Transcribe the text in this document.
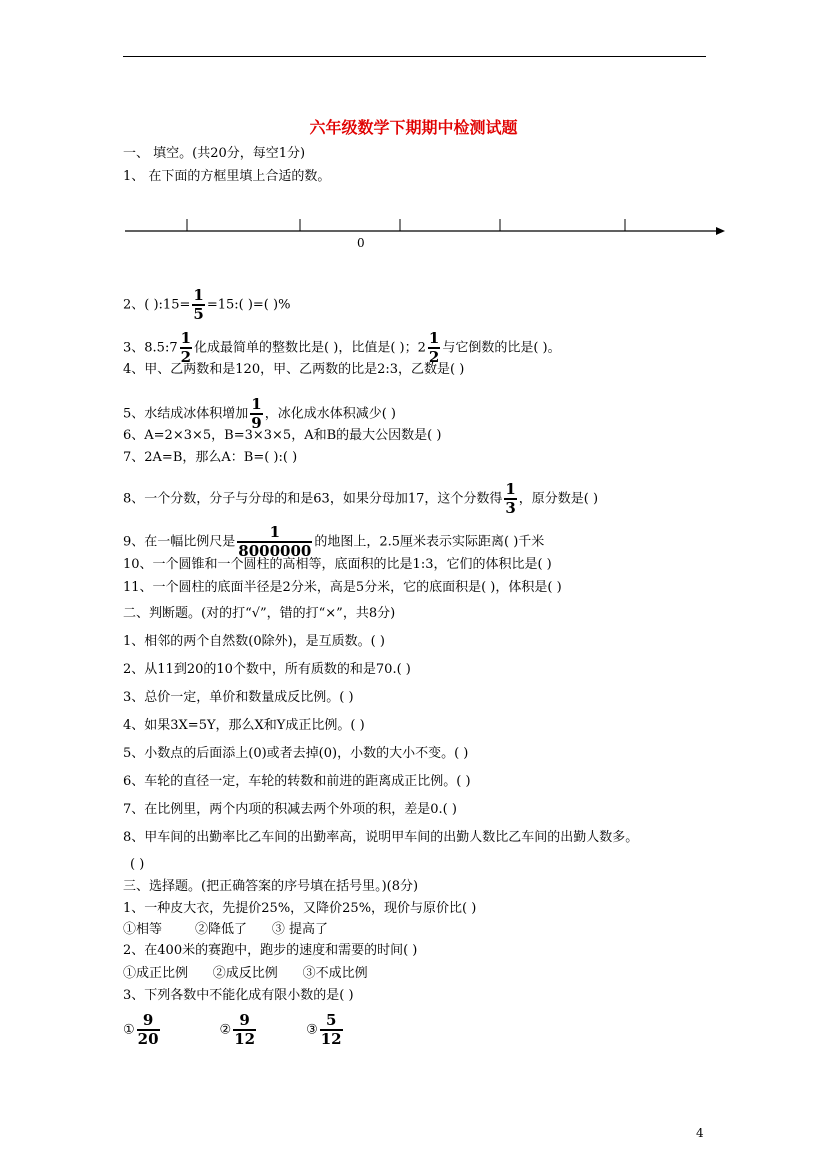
六年级数学下期期中检测试题
一、 填空。(共20分，每空1分)
1、 在下面的方框里填上合适的数。
0
2、( ):15= $\frac{1}{5}$ =15:( )=( )%
3、8.5:7 $\frac{1}{2}$ 化成最简单的整数比是( )，比值是( )；$2 \frac{1}{2}$ 与它倒数的比是( )。
4、甲、乙两数和是120，甲、乙两数的比是2:3，乙数是( )
5、水结成冰体积增加 $\frac{1}{9}$ ，冰化成水体积减少( )
6、A=2×3×5，B=3×3×5，A和B的最大公因数是( )
7、2A=B，那么A：B=( ):( )
8、一个分数，分子与分母的和是63，如果分母加17，这个分数得 $\frac{1}{3}$ ，原分数是( )
9、在一幅比例尺是 $\frac{1}{8000000}$ 的地图上，2.5厘米表示实际距离( )千米
10、一个圆锥和一个圆柱的高相等，底面积的比是1:3，它们的体积比是( )
11、一个圆柱的底面半径是2分米，高是5分米，它的底面积是( )，体积是( )
二、判断题。(对的打“√”，错的打“×”，共8分)
1、相邻的两个自然数(0除外)，是互质数。( )
2、从11到20的10个数中，所有质数的和是70.( )
3、总价一定，单价和数量成反比例。( )
4、如果3X=5Y，那么X和Y成正比例。( )
5、小数点的后面添上(0)或者去掉(0)，小数的大小不变。( )
6、车轮的直径一定，车轮的转数和前进的距离成正比例。( )
7、在比例里，两个内项的积减去两个外项的积，差是0.( )
8、甲车间的出勤率比乙车间的出勤率高，说明甲车间的出勤人数比乙车间的出勤人数多。
( )
三、选择题。(把正确答案的序号填在括号里。)(8分)
1、一种皮大衣，先提价25%，又降价25%，现价与原价比( )
①相等        ②降低了      ③ 提高了
2、在400米的赛跑中，跑步的速度和需要的时间( )
①成正比例      ②成反比例      ③不成比例
3、下列各数中不能化成有限小数的是( )
① $\frac{9}{20}$	② $\frac{9}{12}$	③ $\frac{5}{12}$
4
